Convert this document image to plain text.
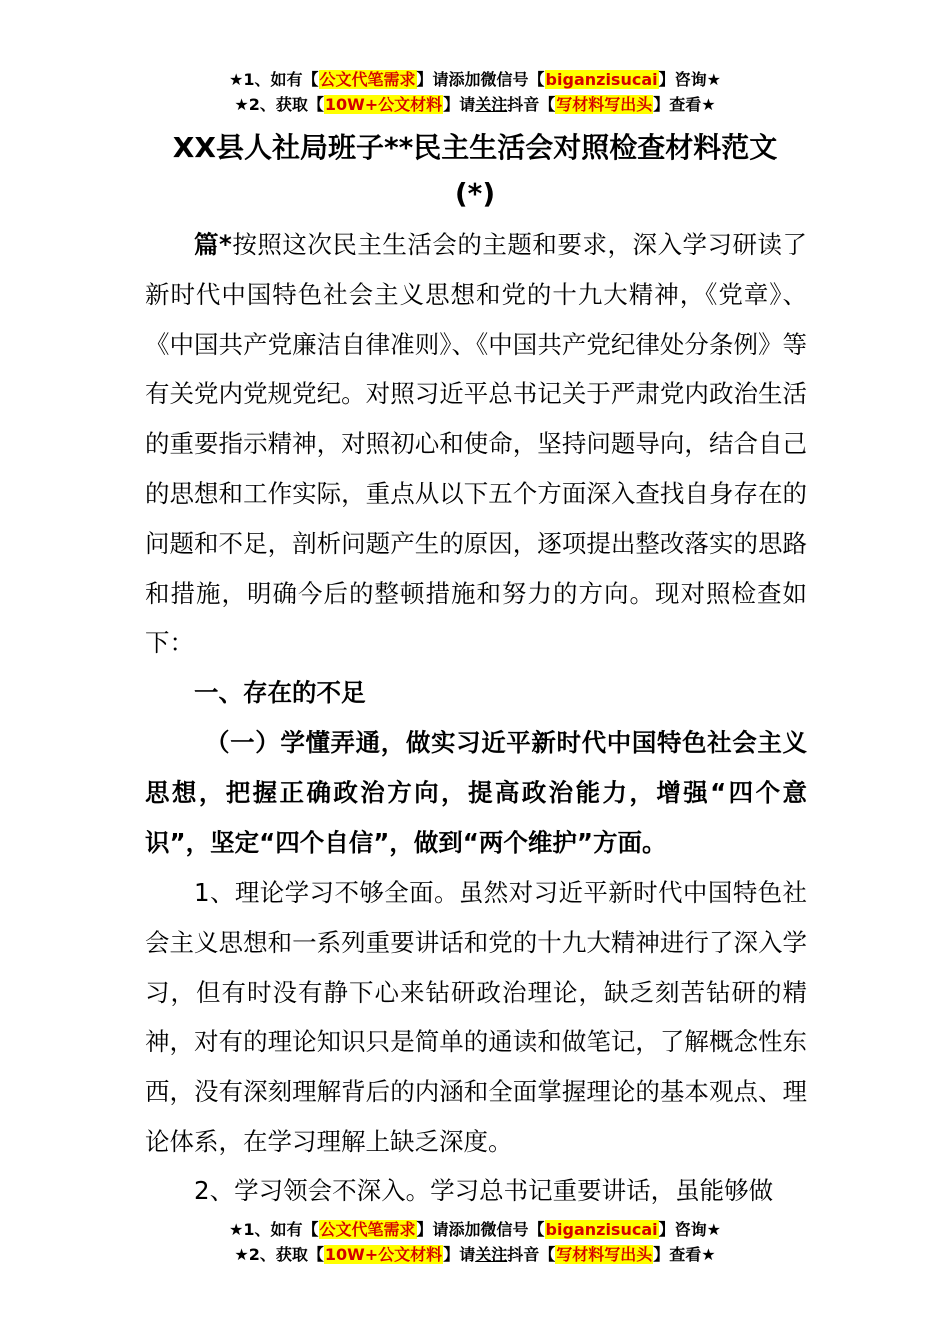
★1、如有【公文代笔需求】请添加微信号【biganzisucai】咨询★
★2、获取【10W+公文材料】请关注抖音【写材料写出头】查看★
XX县人社局班子**民主生活会对照检查材料范文
(*)

篇*按照这次民主生活会的主题和要求，深入学习研读了新时代中国特色社会主义思想和党的十九大精神，《党章》、《中国共产党廉洁自律准则》、《中国共产党纪律处分条例》等有关党内党规党纪。对照习近平总书记关于严肃党内政治生活的重要指示精神，对照初心和使命，坚持问题导向，结合自己的思想和工作实际，重点从以下五个方面深入查找自身存在的问题和不足，剖析问题产生的原因，逐项提出整改落实的思路和措施，明确今后的整顿措施和努力的方向。现对照检查如下：

一、存在的不足

（一）学懂弄通，做实习近平新时代中国特色社会主义思想，把握正确政治方向，提高政治能力，增强“四个意识”，坚定“四个自信”，做到“两个维护”方面。

1、理论学习不够全面。虽然对习近平新时代中国特色社会主义思想和一系列重要讲话和党的十九大精神进行了深入学习，但有时没有静下心来钻研政治理论，缺乏刻苦钻研的精神，对有的理论知识只是简单的通读和做笔记，了解概念性东西，没有深刻理解背后的内涵和全面掌握理论的基本观点、理论体系，在学习理解上缺乏深度。

2、学习领会不深入。学习总书记重要讲话，虽能够做

★1、如有【公文代笔需求】请添加微信号【biganzisucai】咨询★
★2、获取【10W+公文材料】请关注抖音【写材料写出头】查看★
